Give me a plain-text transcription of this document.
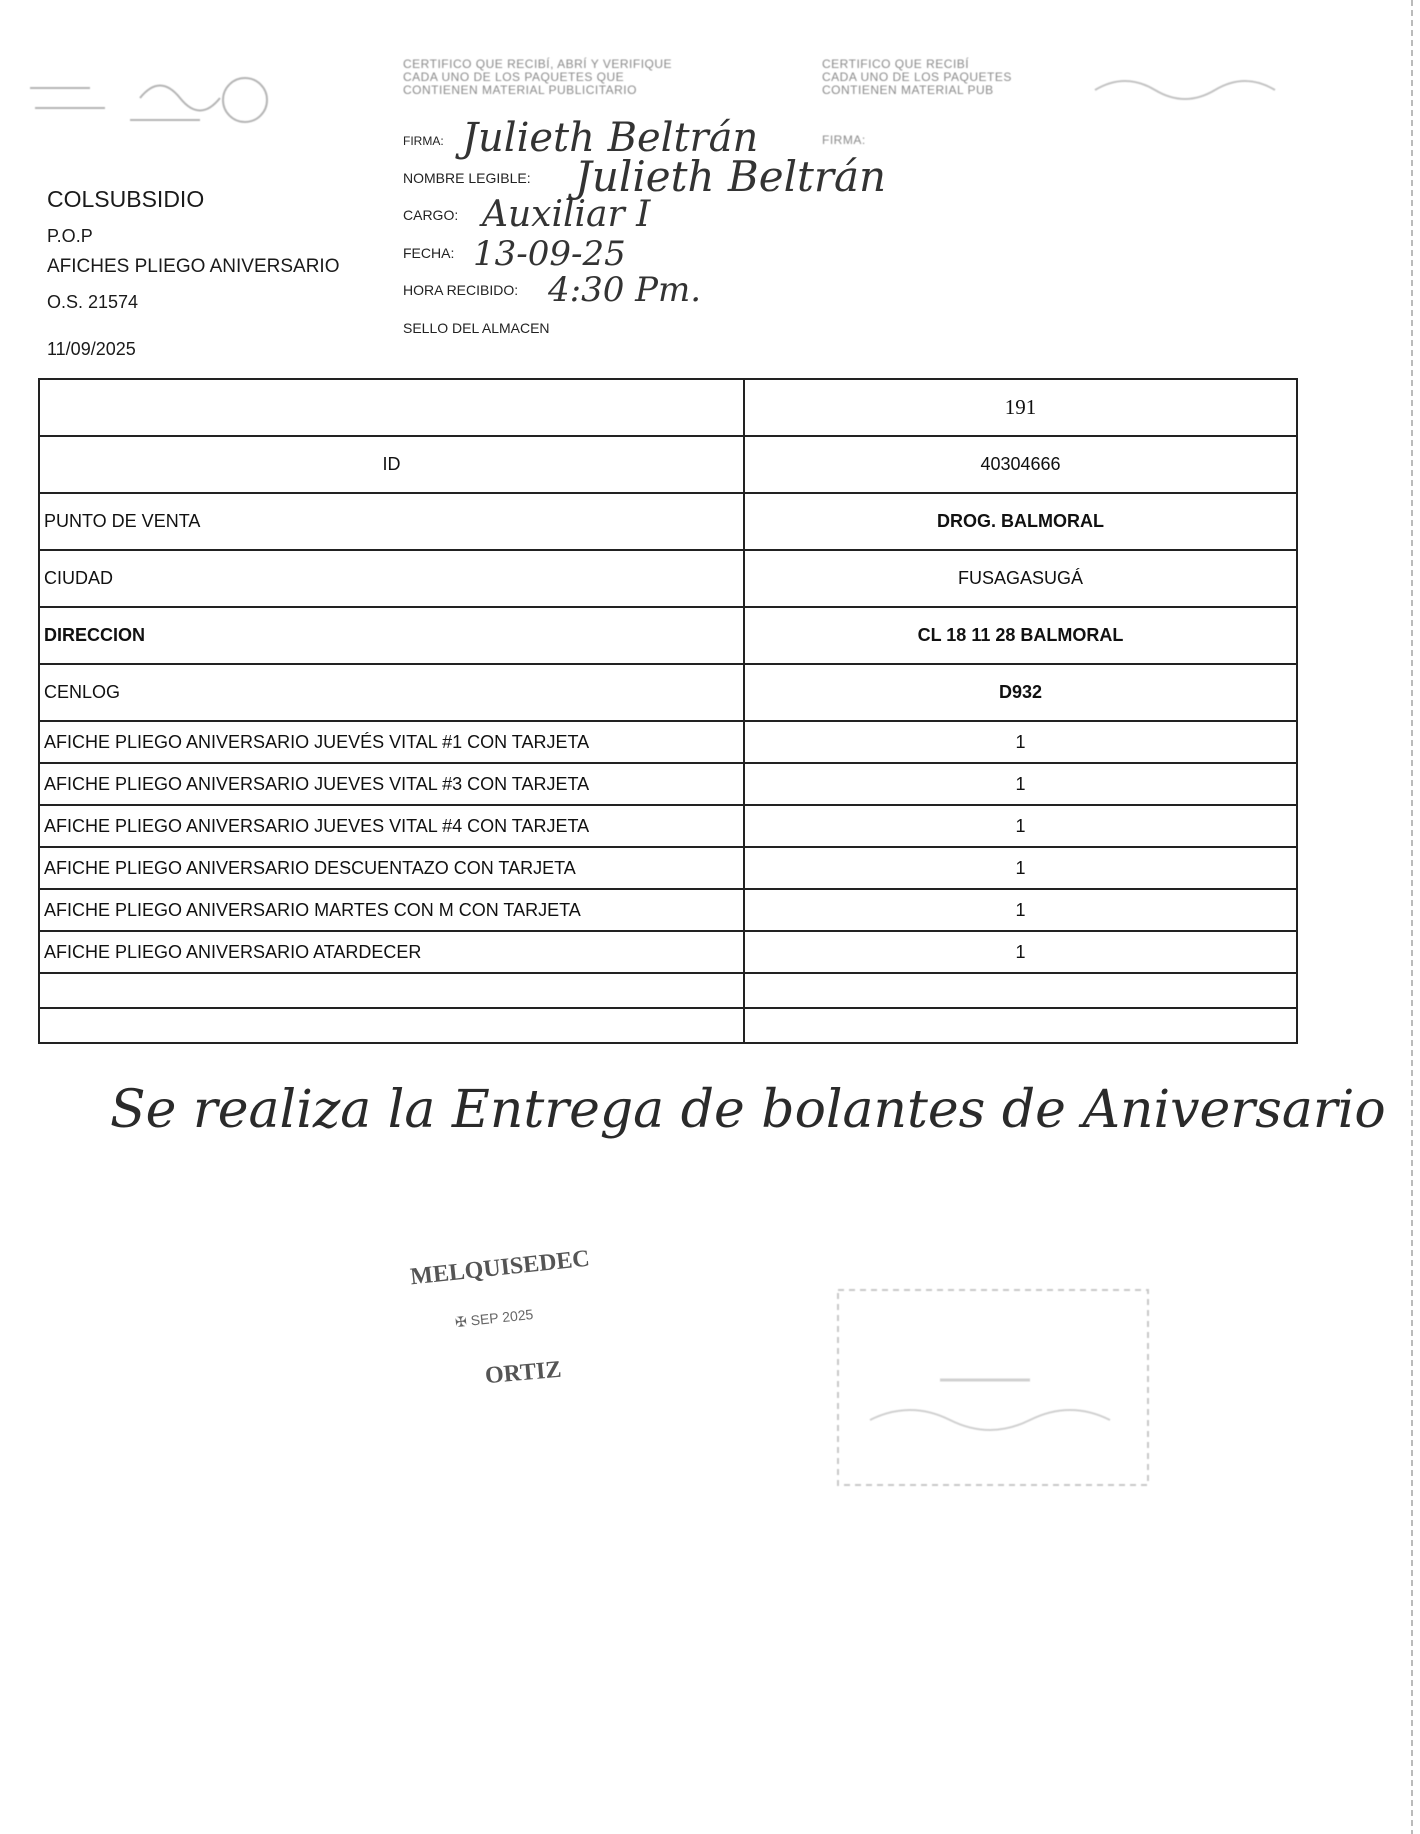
CERTIFICO QUE RECIBÍ, ABRÍ Y VERIFIQUE
CADA UNO DE LOS PAQUETES QUE
CONTIENEN MATERIAL PUBLICITARIO
CERTIFICO QUE RECIBÍ
CADA UNO DE LOS PAQUETES
CONTIENEN MATERIAL PUB
FIRMA:
FIRMA: Julieth Beltrán
NOMBRE LEGIBLE: Julieth Beltrán
CARGO: Auxiliar I
FECHA: 13-09-25
HORA RECIBIDO: 4:30 Pm.
SELLO DEL ALMACEN
COLSUBSIDIO
P.O.P
AFICHES PLIEGO ANIVERSARIO
O.S. 21574
11/09/2025
	191
ID	40304666
PUNTO DE VENTA	DROG. BALMORAL
CIUDAD	FUSAGASUGÁ
DIRECCION	CL 18 11 28 BALMORAL
CENLOG	D932
AFICHE PLIEGO ANIVERSARIO JUEVÉS VITAL #1 CON TARJETA	1
AFICHE PLIEGO ANIVERSARIO JUEVES VITAL #3 CON TARJETA	1
AFICHE PLIEGO ANIVERSARIO JUEVES VITAL #4 CON TARJETA	1
AFICHE PLIEGO ANIVERSARIO DESCUENTAZO CON TARJETA	1
AFICHE PLIEGO ANIVERSARIO MARTES CON M CON TARJETA	1
AFICHE PLIEGO ANIVERSARIO ATARDECER	1

Se realiza la Entrega de bolantes de Aniversario
MELQUISEDEC
✠ SEP 2025
ORTIZ
